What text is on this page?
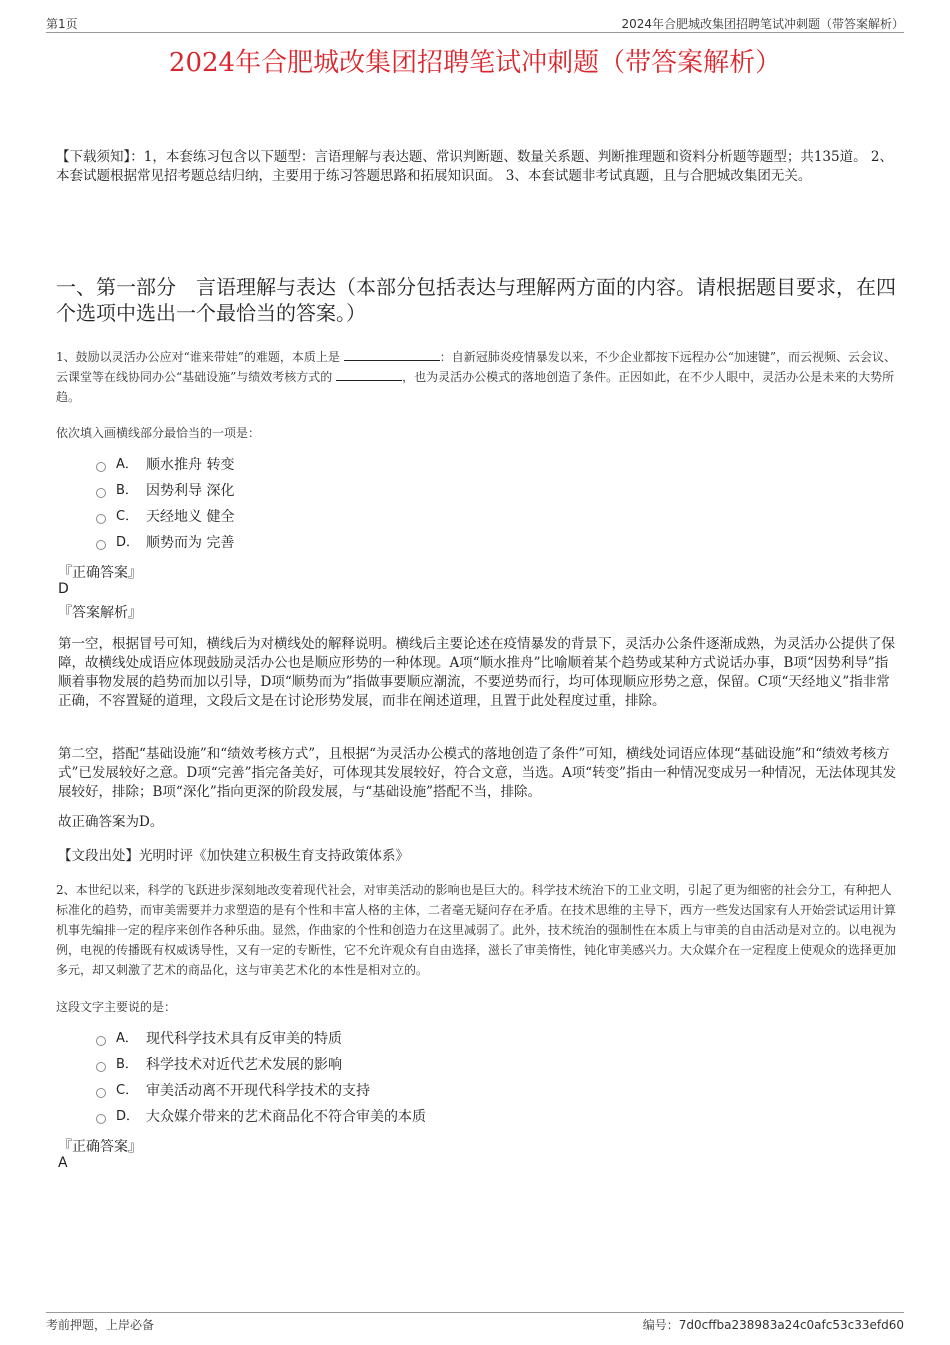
第1页	2024年合肥城改集团招聘笔试冲刺题（带答案解析）
2024年合肥城改集团招聘笔试冲刺题（带答案解析）

【下载须知】：1，本套练习包含以下题型：言语理解与表达题、常识判断题、数量关系题、判断推理题和资料分析题等题型；共135道。 2、本套试题根据常见招考题总结归纳，主要用于练习答题思路和拓展知识面。 3、本套试题非考试真题，且与合肥城改集团无关。

一、第一部分　言语理解与表达（本部分包括表达与理解两方面的内容。请根据题目要求，在四个选项中选出一个最恰当的答案。）

1、鼓励以灵活办公应对“谁来带娃”的难题，本质上是	：自新冠肺炎疫情暴发以来，不少企业都按下远程办公“加速键”，而云视频、云会议、云课堂等在线协同办公“基础设施”与绩效考核方式的	，也为灵活办公模式的落地创造了条件。正因如此，在不少人眼中，灵活办公是未来的大势所趋。

依次填入画横线部分最恰当的一项是：

A． 顺水推舟 转变
B． 因势利导 深化
C． 天经地义 健全
D． 顺势而为 完善

『正确答案』

D

『答案解析』

第一空，根据冒号可知，横线后为对横线处的解释说明。横线后主要论述在疫情暴发的背景下，灵活办公条件逐渐成熟，为灵活办公提供了保障，故横线处成语应体现鼓励灵活办公也是顺应形势的一种体现。A项“顺水推舟”比喻顺着某个趋势或某种方式说话办事，B项“因势利导”指顺着事物发展的趋势而加以引导，D项“顺势而为”指做事要顺应潮流，不要逆势而行，均可体现顺应形势之意，保留。C项“天经地义”指非常正确，不容置疑的道理，文段后文是在讨论形势发展，而非在阐述道理，且置于此处程度过重，排除。

第二空，搭配“基础设施”和“绩效考核方式”，且根据“为灵活办公模式的落地创造了条件”可知，横线处词语应体现“基础设施”和“绩效考核方式”已发展较好之意。D项“完善”指完备美好，可体现其发展较好，符合文意，当选。A项“转变”指由一种情况变成另一种情况，无法体现其发展较好，排除；B项“深化”指向更深的阶段发展，与“基础设施”搭配不当，排除。

故正确答案为D。

【文段出处】光明时评《加快建立积极生育支持政策体系》

2、本世纪以来，科学的飞跃进步深刻地改变着现代社会，对审美活动的影响也是巨大的。科学技术统治下的工业文明，引起了更为细密的社会分工，有种把人标准化的趋势，而审美需要并力求塑造的是有个性和丰富人格的主体，二者毫无疑问存在矛盾。在技术思维的主导下，西方一些发达国家有人开始尝试运用计算机事先编排一定的程序来创作各种乐曲。显然，作曲家的个性和创造力在这里减弱了。此外，技术统治的强制性在本质上与审美的自由活动是对立的。以电视为例，电视的传播既有权威诱导性，又有一定的专断性，它不允许观众有自由选择，滋长了审美惰性，钝化审美感兴力。大众媒介在一定程度上使观众的选择更加多元，却又刺激了艺术的商品化，这与审美艺术化的本性是相对立的。

这段文字主要说的是：

A． 现代科学技术具有反审美的特质
B． 科学技术对近代艺术发展的影响
C． 审美活动离不开现代科学技术的支持
D． 大众媒介带来的艺术商品化不符合审美的本质

『正确答案』

A

考前押题，上岸必备	编号：7d0cffba238983a24c0afc53c33efd60
